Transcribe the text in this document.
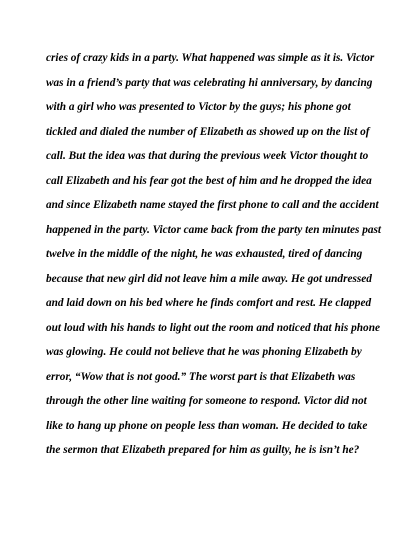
cries of crazy kids in a party. What happened was simple as it is. Victor
was in a friend’s party that was celebrating hi anniversary, by dancing
with a girl who was presented to Victor by the guys; his phone got
tickled and dialed the number of Elizabeth as showed up on the list of
call. But the idea was that during the previous week Victor thought to
call Elizabeth and his fear got the best of him and he dropped the idea
and since Elizabeth name stayed the first phone to call and the accident
happened in the party. Victor came back from the party ten minutes past
twelve in the middle of the night, he was exhausted, tired of dancing
because that new girl did not leave him a mile away. He got undressed
and laid down on his bed where he finds comfort and rest. He clapped
out loud with his hands to light out the room and noticed that his phone
was glowing. He could not believe that he was phoning Elizabeth by
error, “Wow that is not good.” The worst part is that Elizabeth was
through the other line waiting for someone to respond. Victor did not
like to hang up phone on people less than woman. He decided to take
the sermon that Elizabeth prepared for him as guilty, he is isn’t he?
